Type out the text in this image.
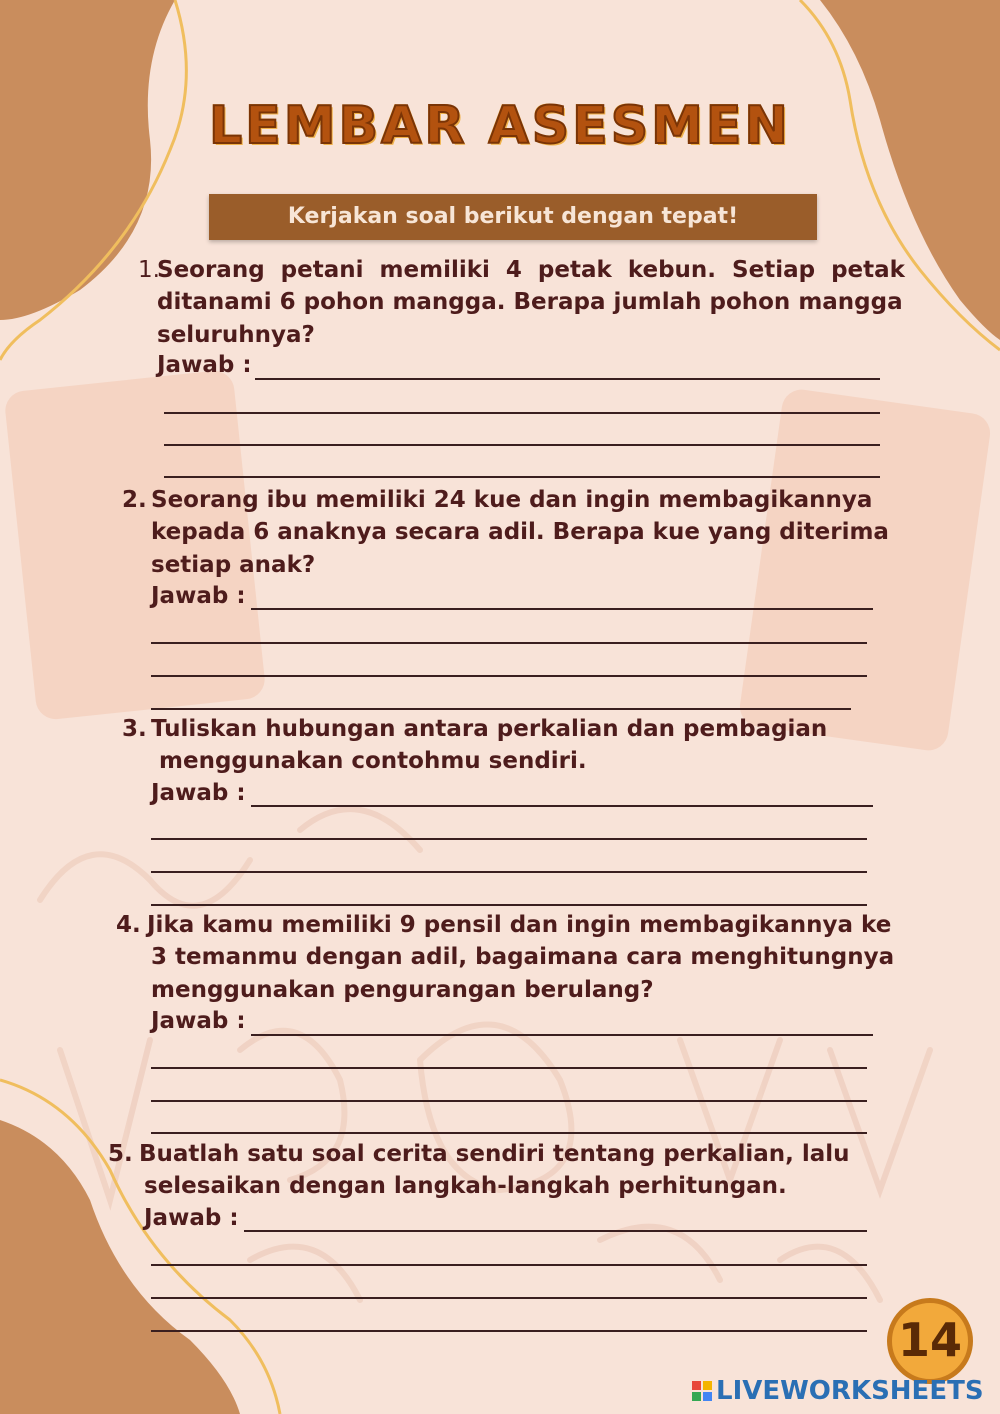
LEMBAR ASESMEN
Kerjakan soal berikut dengan tepat!
1.
Seorang  petani  memiliki  4  petak  kebun.  Setiap  petak
ditanami 6 pohon mangga. Berapa jumlah pohon mangga
seluruhnya?
Jawab :
2. Seorang ibu memiliki 24 kue dan ingin membagikannya
kepada 6 anaknya secara adil. Berapa kue yang diterima
setiap anak?
Jawab :
3. Tuliskan hubungan antara perkalian dan pembagian
menggunakan contohmu sendiri.
Jawab :
4. Jika kamu memiliki 9 pensil dan ingin membagikannya ke
3 temanmu dengan adil, bagaimana cara menghitungnya
menggunakan pengurangan berulang?
Jawab :
5. Buatlah satu soal cerita sendiri tentang perkalian, lalu
selesaikan dengan langkah-langkah perhitungan.
Jawab :
14
LIVEWORKSHEETS
